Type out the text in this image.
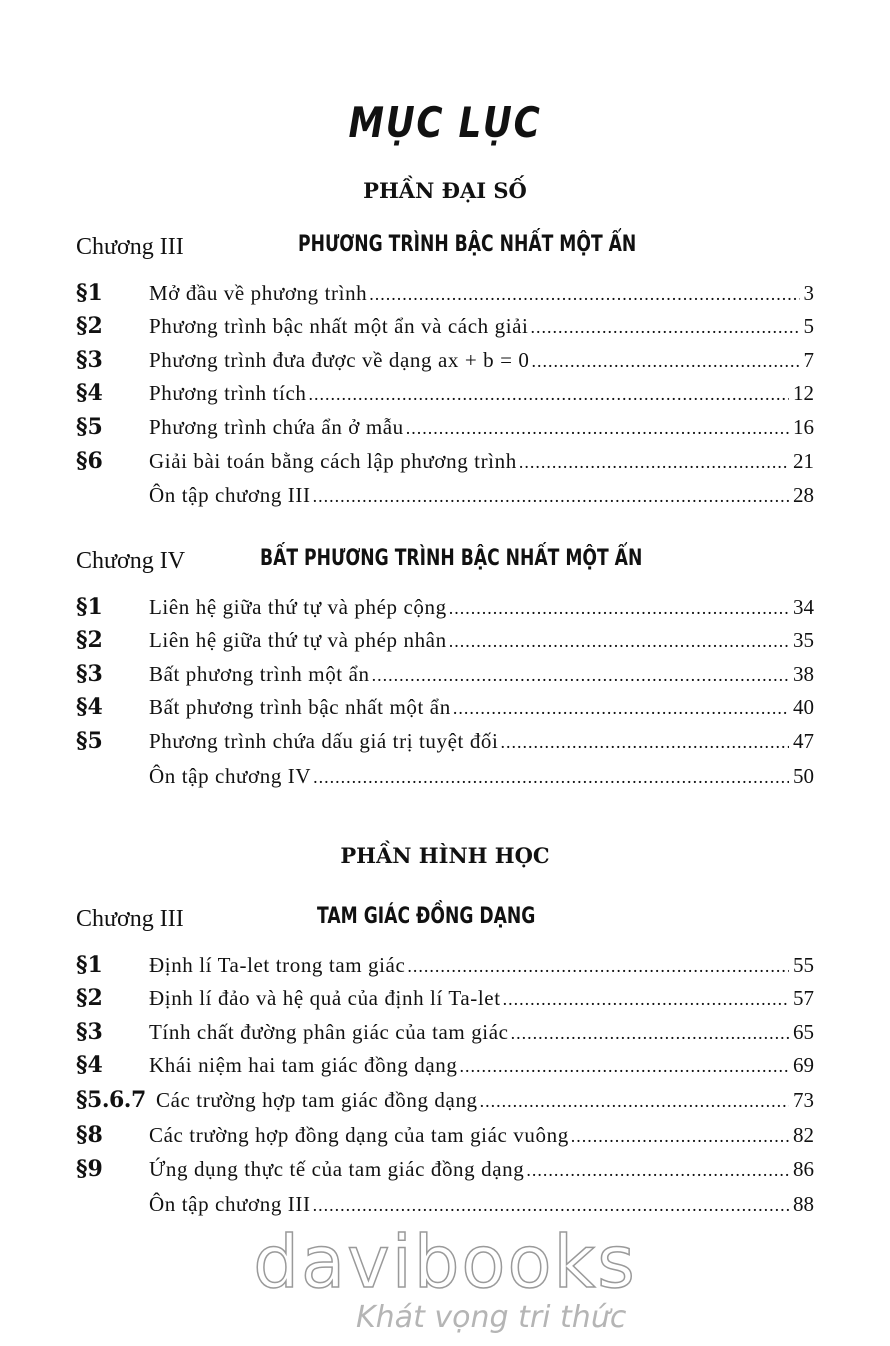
MỤC LỤC
PHẦN ĐẠI SỐ
Chương III	PHƯƠNG TRÌNH BẬC NHẤT MỘT ẨN
§1	Mở đầu về phương trình .....	3
§2	Phương trình bậc nhất một ẩn và cách giải .....	5
§3	Phương trình đưa được về dạng ax + b = 0 .....	7
§4	Phương trình tích .....	12
§5	Phương trình chứa ẩn ở mẫu .....	16
§6	Giải bài toán bằng cách lập phương trình .....	21
Ôn tập chương III .....	28
Chương IV	BẤT PHƯƠNG TRÌNH BẬC NHẤT MỘT ẨN
§1	Liên hệ giữa thứ tự và phép cộng .....	34
§2	Liên hệ giữa thứ tự và phép nhân .....	35
§3	Bất phương trình một ẩn .....	38
§4	Bất phương trình bậc nhất một ẩn .....	40
§5	Phương trình chứa dấu giá trị tuyệt đối .....	47
Ôn tập chương IV .....	50
PHẦN HÌNH HỌC
Chương III	TAM GIÁC ĐỒNG DẠNG
§1	Định lí Ta-let trong tam giác .....	55
§2	Định lí đảo và hệ quả của định lí Ta-let .....	57
§3	Tính chất đường phân giác của tam giác .....	65
§4	Khái niệm hai tam giác đồng dạng .....	69
§5.6.7 Các trường hợp tam giác đồng dạng .....	73
§8	Các trường hợp đồng dạng của tam giác vuông .....	82
§9	Ứng dụng thực tế của tam giác đồng dạng .....	86
Ôn tập chương III .....	88
davibooks
Khát vọng tri thức
